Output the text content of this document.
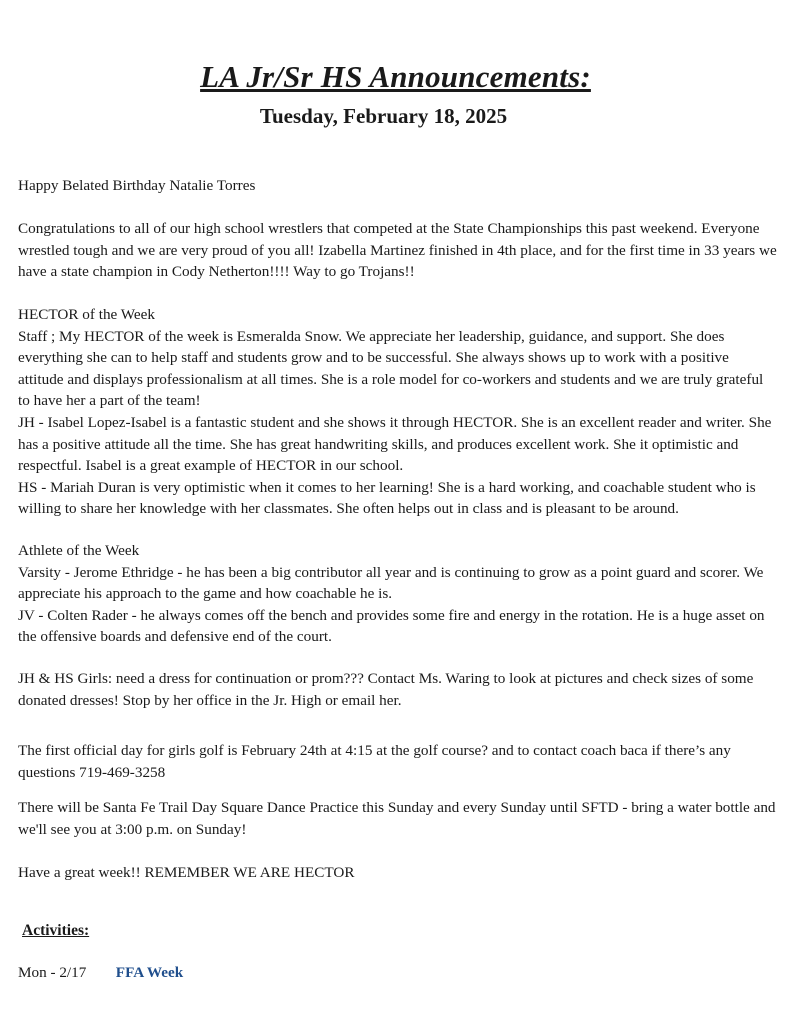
LA Jr/Sr HS Announcements:
Tuesday, February 18, 2025

Happy Belated Birthday Natalie Torres

Congratulations to all of our high school wrestlers that competed at the State Championships this past weekend. Everyone wrestled tough and we are very proud of you all! Izabella Martinez finished in 4th place, and for the first time in 33 years we have a state champion in Cody Netherton!!!! Way to go Trojans!!

HECTOR of the Week

Staff ; My HECTOR of the week is Esmeralda Snow. We appreciate her leadership, guidance, and support. She does everything she can to help staff and students grow and to be successful. She always shows up to work with a positive attitude and displays professionalism at all times. She is a role model for co-workers and students and we are truly grateful to have her a part of the team!

JH - Isabel Lopez-Isabel is a fantastic student and she shows it through HECTOR. She is an excellent reader and writer. She has a positive attitude all the time. She has great handwriting skills, and produces excellent work. She it optimistic and respectful. Isabel is a great example of HECTOR in our school.

HS - Mariah Duran is very optimistic when it comes to her learning! She is a hard working, and coachable student who is willing to share her knowledge with her classmates. She often helps out in class and is pleasant to be around.

Athlete of the Week

Varsity - Jerome Ethridge - he has been a big contributor all year and is continuing to grow as a point guard and scorer. We appreciate his approach to the game and how coachable he is.

JV - Colten Rader - he always comes off the bench and provides some fire and energy in the rotation. He is a huge asset on the offensive boards and defensive end of the court.

JH & HS Girls: need a dress for continuation or prom??? Contact Ms. Waring to look at pictures and check sizes of some donated dresses! Stop by her office in the Jr. High or email her.

The first official day for girls golf is February 24th at 4:15 at the golf course? and to contact coach baca if there’s any questions 719-469-3258

There will be Santa Fe Trail Day Square Dance Practice this Sunday and every Sunday until SFTD - bring a water bottle and we'll see you at 3:00 p.m. on Sunday!

Have a great week!! REMEMBER WE ARE HECTOR

Activities:
Mon - 2/17 FFA Week
